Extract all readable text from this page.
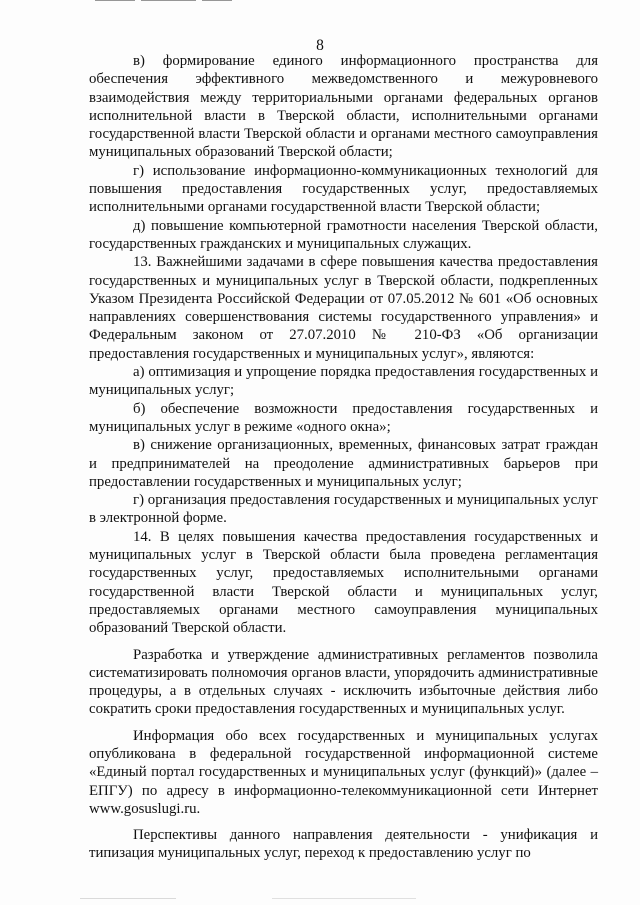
8

в) формирование единого информационного пространства для обеспечения эффективного межведомственного и межуровневого взаимодействия между территориальными органами федеральных органов исполнительной власти в Тверской области, исполнительными органами государственной власти Тверской области и органами местного самоуправления муниципальных образований Тверской области;

г) использование информационно-коммуникационных технологий для повышения предоставления государственных услуг, предоставляемых исполнительными органами государственной власти Тверской области;

д) повышение компьютерной грамотности населения Тверской области, государственных гражданских и муниципальных служащих.

13. Важнейшими задачами в сфере повышения качества предоставления государственных и муниципальных услуг в Тверской области, подкрепленных Указом Президента Российской Федерации от 07.05.2012 № 601 «Об основных направлениях совершенствования системы государственного управления» и Федеральным законом от 27.07.2010 № 210-ФЗ «Об организации предоставления государственных и муниципальных услуг», являются:

а) оптимизация и упрощение порядка предоставления государственных и муниципальных услуг;

б) обеспечение возможности предоставления государственных и муниципальных услуг в режиме «одного окна»;

в) снижение организационных, временных, финансовых затрат граждан и предпринимателей на преодоление административных барьеров при предоставлении государственных и муниципальных услуг;

г) организация предоставления государственных и муниципальных услуг в электронной форме.

14. В целях повышения качества предоставления государственных и муниципальных услуг в Тверской области была проведена регламентация государственных услуг, предоставляемых исполнительными органами государственной власти Тверской области и муниципальных услуг, предоставляемых органами местного самоуправления муниципальных образований Тверской области.

Разработка и утверждение административных регламентов позволила систематизировать полномочия органов власти, упорядочить административные процедуры, а в отдельных случаях - исключить избыточные действия либо сократить сроки предоставления государственных и муниципальных услуг.

Информация обо всех государственных и муниципальных услугах опубликована в федеральной государственной информационной системе «Единый портал государственных и муниципальных услуг (функций)» (далее – ЕПГУ) по адресу в информационно-телекоммуникационной сети Интернет www.gosuslugi.ru.

Перспективы данного направления деятельности - унификация и типизация муниципальных услуг, переход к предоставлению услуг по
